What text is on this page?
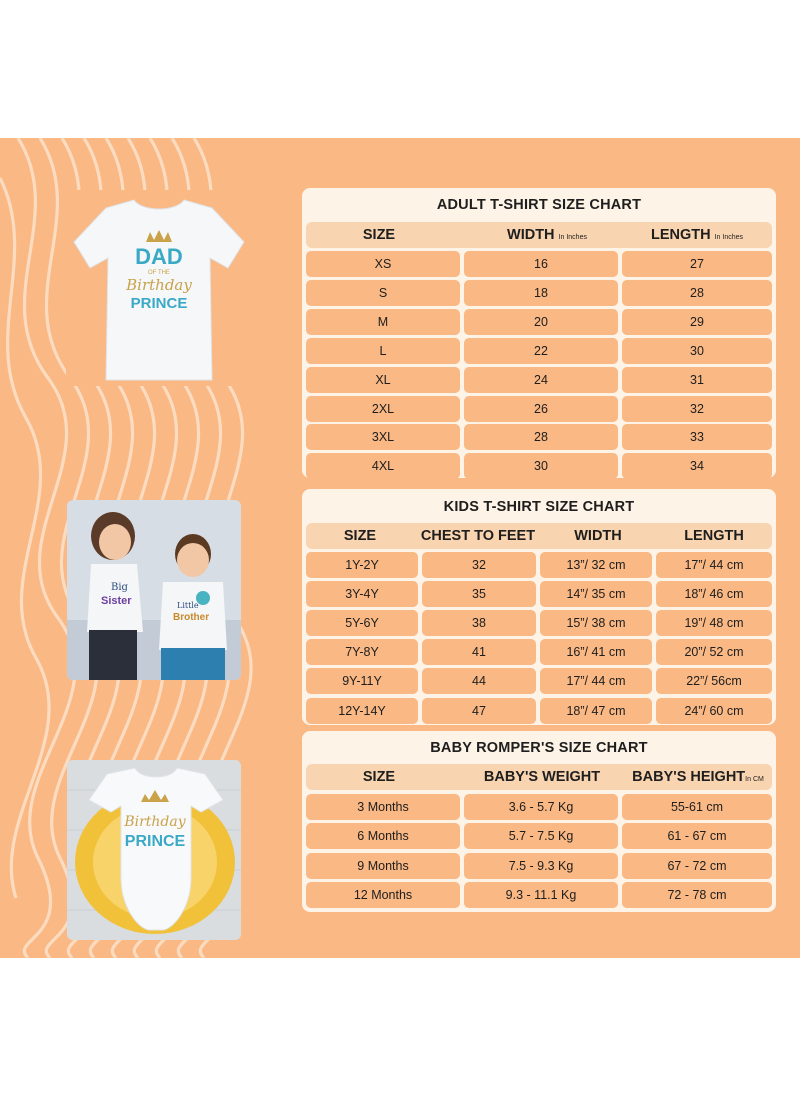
DAD
OF THE
Birthday
PRINCE
Big
Sister	Little
Brother
Birthday
PRINCE
ADULT T-SHIRT SIZE CHART
SIZE	WIDTH In Inches	LENGTH In Inches
XS	16	27
S	18	28
M	20	29
L	22	30
XL	24	31
2XL	26	32
3XL	28	33
4XL	30	34
KIDS T-SHIRT SIZE CHART
SIZE	CHEST TO FEET	WIDTH	LENGTH
1Y-2Y	32	13”/ 32 cm	17”/ 44 cm
3Y-4Y	35	14”/ 35 cm	18”/ 46 cm
5Y-6Y	38	15”/ 38 cm	19”/ 48 cm
7Y-8Y	41	16”/ 41 cm	20”/ 52 cm
9Y-11Y	44	17”/ 44 cm	22”/ 56cm
12Y-14Y	47	18”/ 47 cm	24”/ 60 cm
BABY ROMPER'S SIZE CHART
SIZE	BABY'S WEIGHT	BABY'S HEIGHTIn CM
3 Months	3.6 - 5.7 Kg	55-61 cm
6 Months	5.7 - 7.5 Kg	61 - 67 cm
9 Months	7.5 - 9.3 Kg	67 - 72 cm
12 Months	9.3 - 11.1 Kg	72 - 78 cm
